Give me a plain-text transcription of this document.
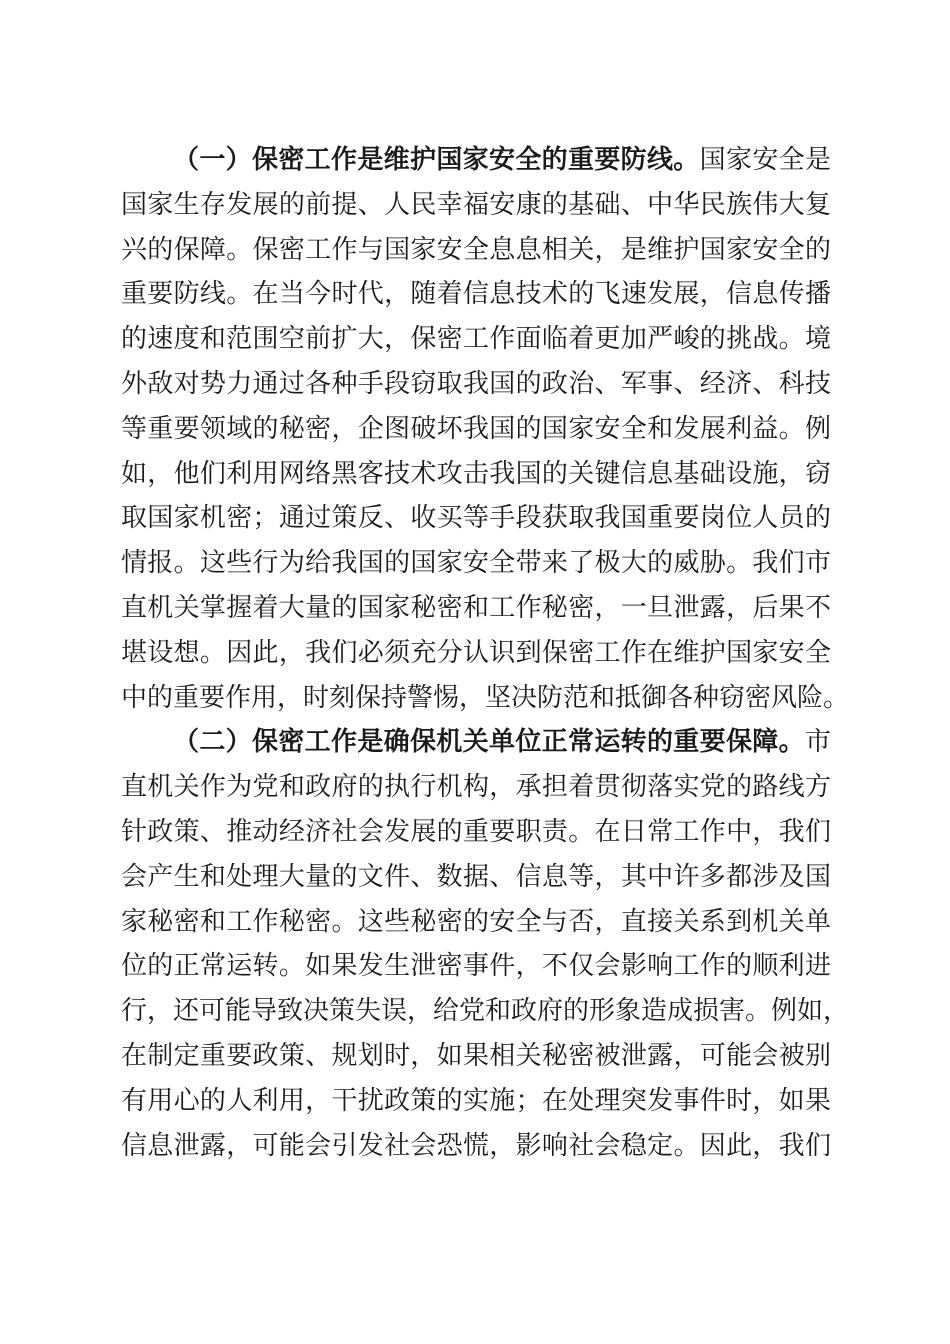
（一）保密工作是维护国家安全的重要防线。国家安全是
国家生存发展的前提、人民幸福安康的基础、中华民族伟大复
兴的保障。保密工作与国家安全息息相关，是维护国家安全的
重要防线。在当今时代，随着信息技术的飞速发展，信息传播
的速度和范围空前扩大，保密工作面临着更加严峻的挑战。境
外敌对势力通过各种手段窃取我国的政治、军事、经济、科技
等重要领域的秘密，企图破坏我国的国家安全和发展利益。例
如，他们利用网络黑客技术攻击我国的关键信息基础设施，窃
取国家机密；通过策反、收买等手段获取我国重要岗位人员的
情报。这些行为给我国的国家安全带来了极大的威胁。我们市
直机关掌握着大量的国家秘密和工作秘密，一旦泄露，后果不
堪设想。因此，我们必须充分认识到保密工作在维护国家安全
中的重要作用，时刻保持警惕，坚决防范和抵御各种窃密风险。
（二）保密工作是确保机关单位正常运转的重要保障。市
直机关作为党和政府的执行机构，承担着贯彻落实党的路线方
针政策、推动经济社会发展的重要职责。在日常工作中，我们
会产生和处理大量的文件、数据、信息等，其中许多都涉及国
家秘密和工作秘密。这些秘密的安全与否，直接关系到机关单
位的正常运转。如果发生泄密事件，不仅会影响工作的顺利进
行，还可能导致决策失误，给党和政府的形象造成损害。例如，
在制定重要政策、规划时，如果相关秘密被泄露，可能会被别
有用心的人利用，干扰政策的实施；在处理突发事件时，如果
信息泄露，可能会引发社会恐慌，影响社会稳定。因此，我们
